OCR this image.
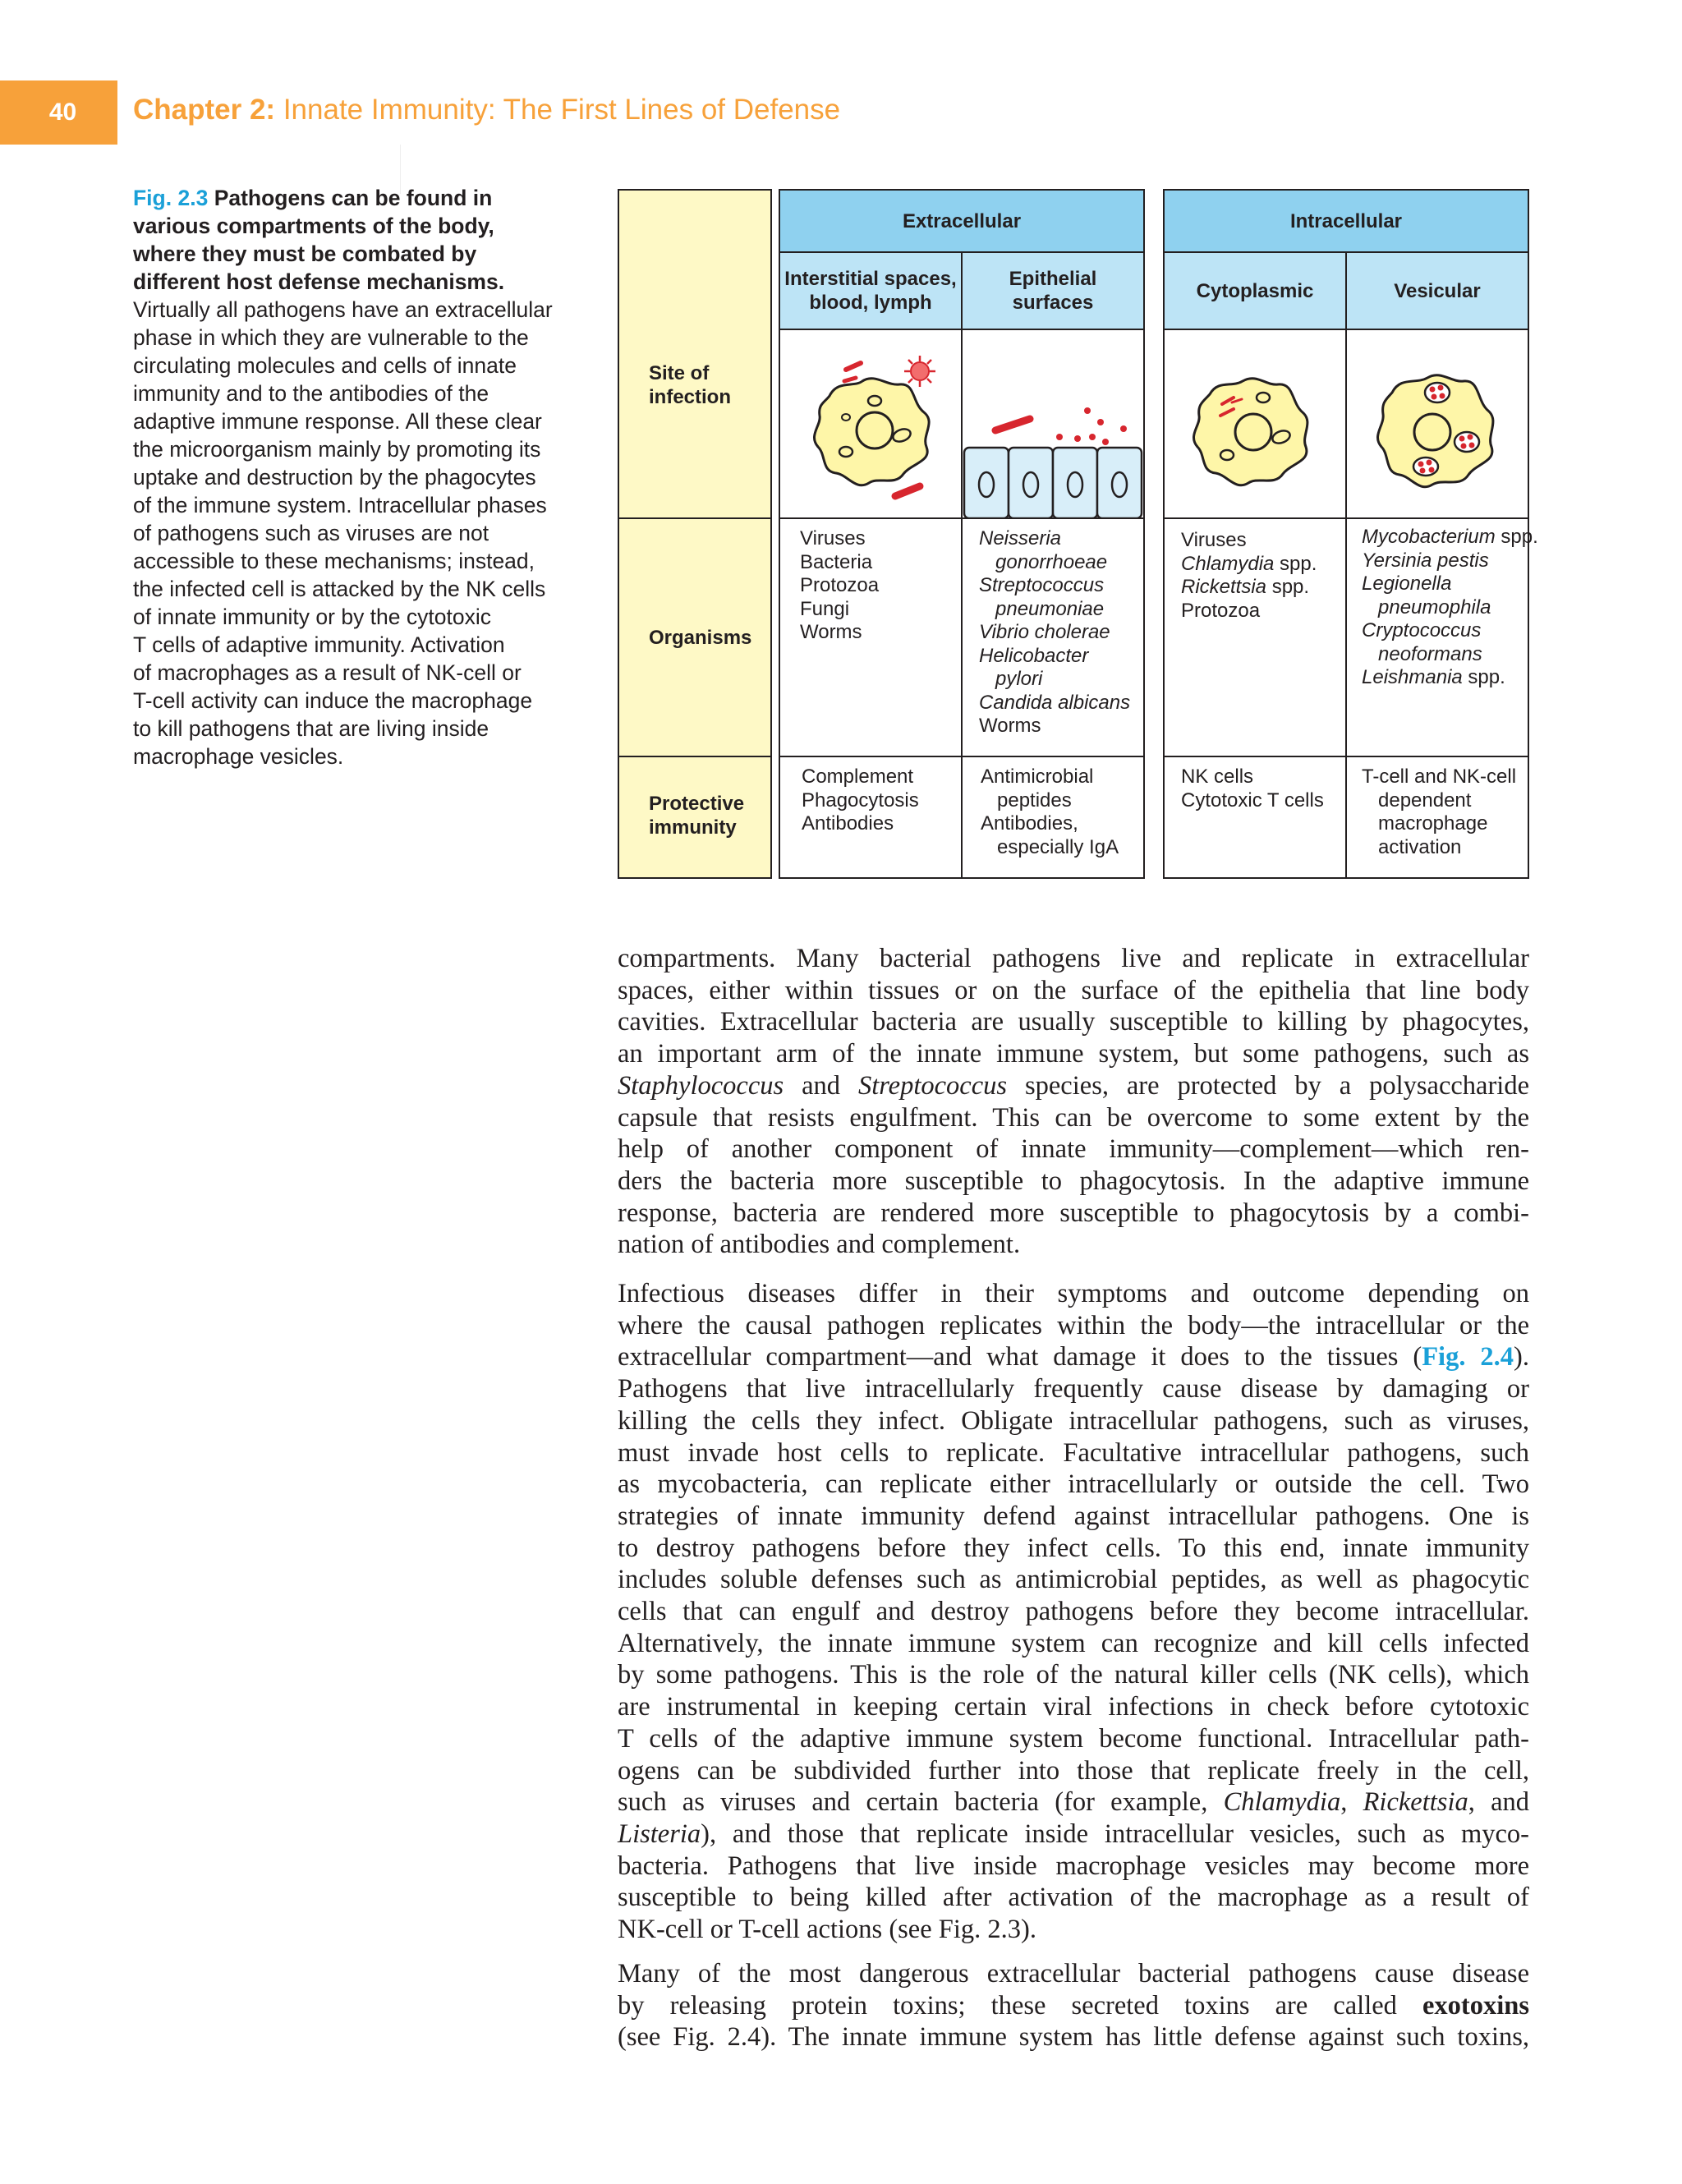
40	Chapter 2: Innate Immunity: The First Lines of Defense
Fig. 2.3 Pathogens can be found in
various compartments of the body,
where they must be combated by
different host defense mechanisms.
Virtually all pathogens have an extracellular
phase in which they are vulnerable to the
circulating molecules and cells of innate
immunity and to the antibodies of the
adaptive immune response. All these clear
the microorganism mainly by promoting its
uptake and destruction by the phagocytes
of the immune system. Intracellular phases
of pathogens such as viruses are not
accessible to these mechanisms; instead,
the infected cell is attacked by the NK cells
of innate immunity or by the cytotoxic
T cells of adaptive immunity. Activation
of macrophages as a result of NK-cell or
T-cell activity can induce the macrophage
to kill pathogens that are living inside
macrophage vesicles.
Site of
infection
Organisms
Protective
immunity
Extracellular
Interstitial spaces,
blood, lymph
Epithelial
surfaces
Intracellular
Cytoplasmic	Vesicular
Viruses
Bacteria
Protozoa
Fungi
Worms
Neisseria
gonorrhoeae
Streptococcus
pneumoniae
Vibrio cholerae
Helicobacter
pylori
Candida albicans
Worms
Viruses
Chlamydia spp.
Rickettsia spp.
Protozoa
Mycobacterium spp.
Yersinia pestis
Legionella
pneumophila
Cryptococcus
neoformans
Leishmania spp.
Complement
Phagocytosis
Antibodies
Antimicrobial
peptides
Antibodies,
especially IgA
NK cells
Cytotoxic T cells
T-cell and NK-cell
dependent
macrophage
activation
compartments. Many bacterial pathogens live and replicate in extracellular
spaces, either within tissues or on the surface of the epithelia that line body
cavities. Extracellular bacteria are usually susceptible to killing by phagocytes,
an important arm of the innate immune system, but some pathogens, such as
Staphylococcus and Streptococcus species, are protected by a polysaccharide
capsule that resists engulfment. This can be overcome to some extent by the
help of another component of innate immunity—complement—which ren-
ders the bacteria more susceptible to phagocytosis. In the adaptive immune
response, bacteria are rendered more susceptible to phagocytosis by a combi-
nation of antibodies and complement.
Infectious diseases differ in their symptoms and outcome depending on
where the causal pathogen replicates within the body—the intracellular or the
extracellular compartment—and what damage it does to the tissues (Fig. 2.4).
Pathogens that live intracellularly frequently cause disease by damaging or
killing the cells they infect. Obligate intracellular pathogens, such as viruses,
must invade host cells to replicate. Facultative intracellular pathogens, such
as mycobacteria, can replicate either intracellularly or outside the cell. Two
strategies of innate immunity defend against intracellular pathogens. One is
to destroy pathogens before they infect cells. To this end, innate immunity
includes soluble defenses such as antimicrobial peptides, as well as phagocytic
cells that can engulf and destroy pathogens before they become intracellular.
Alternatively, the innate immune system can recognize and kill cells infected
by some pathogens. This is the role of the natural killer cells (NK cells), which
are instrumental in keeping certain viral infections in check before cytotoxic
T cells of the adaptive immune system become functional. Intracellular path-
ogens can be subdivided further into those that replicate freely in the cell,
such as viruses and certain bacteria (for example, Chlamydia, Rickettsia, and
Listeria), and those that replicate inside intracellular vesicles, such as myco-
bacteria. Pathogens that live inside macrophage vesicles may become more
susceptible to being killed after activation of the macrophage as a result of
NK-cell or T-cell actions (see Fig. 2.3).
Many of the most dangerous extracellular bacterial pathogens cause disease
by releasing protein toxins; these secreted toxins are called exotoxins
(see Fig. 2.4). The innate immune system has little defense against such toxins,
